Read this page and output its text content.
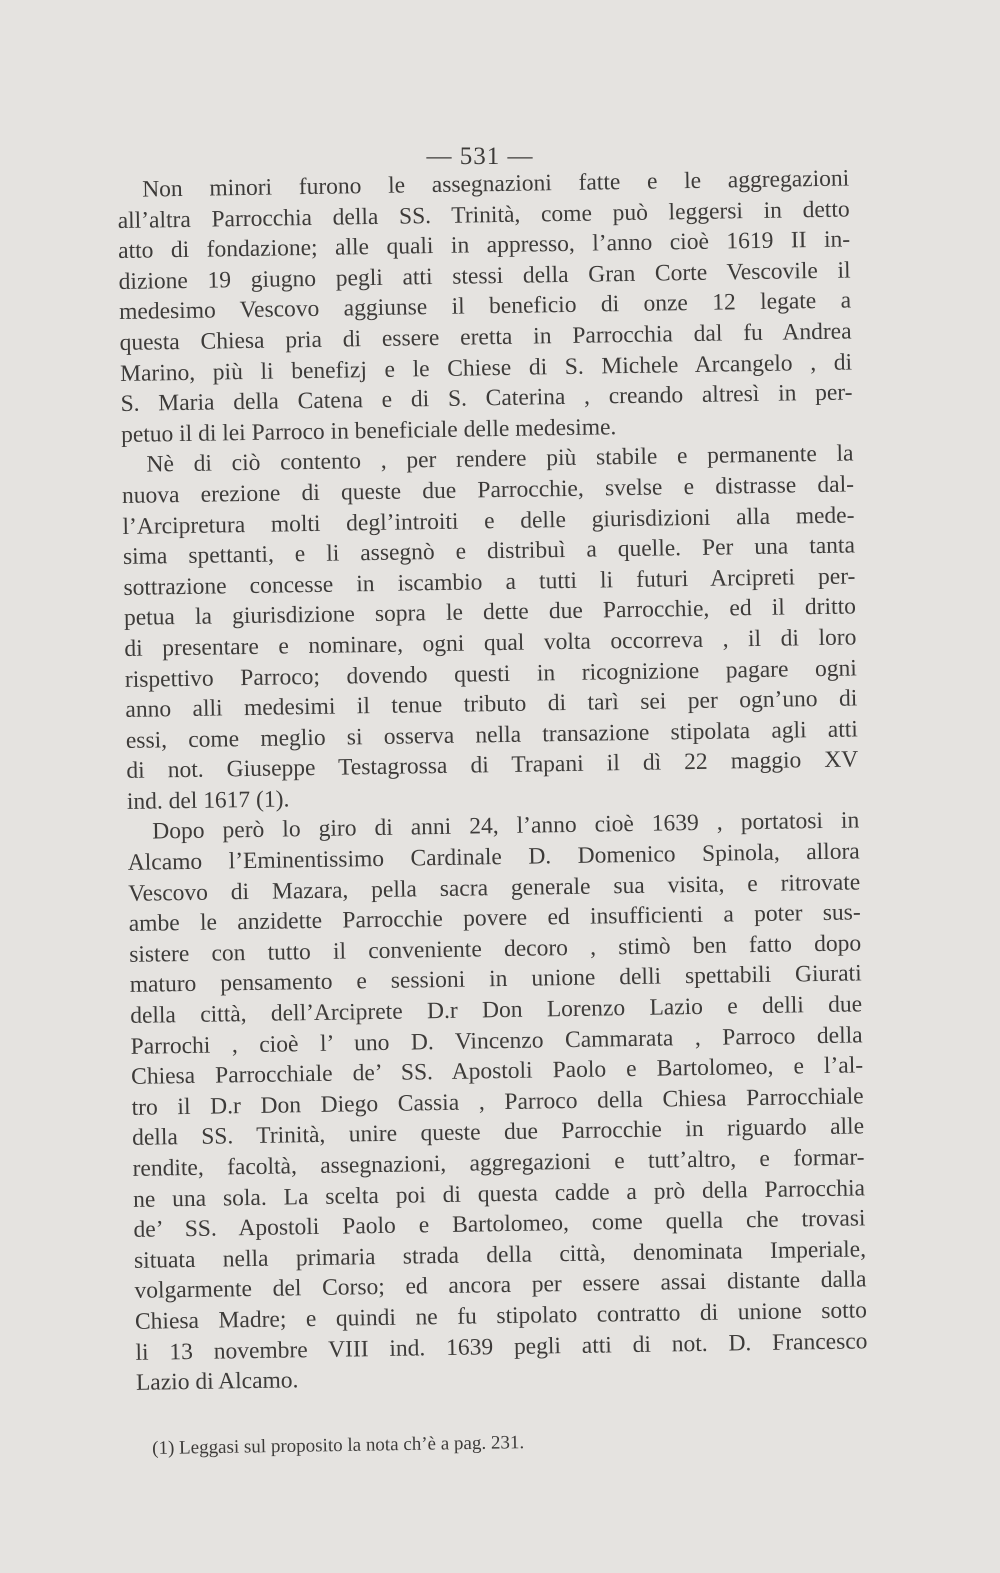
— 531 —
Non minori furono le assegnazioni fatte e le aggregazioni
all’altra Parrocchia della SS. Trinità, come può leggersi in detto
atto di fondazione; alle quali in appresso, l’anno cioè 1619 II in-
dizione 19 giugno pegli atti stessi della Gran Corte Vescovile il
medesimo Vescovo aggiunse il beneficio di onze 12 legate a
questa Chiesa pria di essere eretta in Parrocchia dal fu Andrea
Marino, più li benefizj e le Chiese di S. Michele Arcangelo , di
S. Maria della Catena e di S. Caterina , creando altresì in per-
petuo il di lei Parroco in beneficiale delle medesime.
Nè di ciò contento , per rendere più stabile e permanente la
nuova erezione di queste due Parrocchie, svelse e distrasse dal-
l’Arcipretura molti degl’introiti e delle giurisdizioni alla mede-
sima spettanti, e li assegnò e distribuì a quelle. Per una tanta
sottrazione concesse in iscambio a tutti li futuri Arcipreti per-
petua la giurisdizione sopra le dette due Parrocchie, ed il dritto
di presentare e nominare, ogni qual volta occorreva , il di loro
rispettivo Parroco; dovendo questi in ricognizione pagare ogni
anno alli medesimi il tenue tributo di tarì sei per ogn’uno di
essi, come meglio si osserva nella transazione stipolata agli atti
di not. Giuseppe Testagrossa di Trapani il dì 22 maggio XV
ind. del 1617 (1).
Dopo però lo giro di anni 24, l’anno cioè 1639 , portatosi in
Alcamo l’Eminentissimo Cardinale D. Domenico Spinola, allora
Vescovo di Mazara, pella sacra generale sua visita, e ritrovate
ambe le anzidette Parrocchie povere ed insufficienti a poter sus-
sistere con tutto il conveniente decoro , stimò ben fatto dopo
maturo pensamento e sessioni in unione delli spettabili Giurati
della città, dell’Arciprete D.r Don Lorenzo Lazio e delli due
Parrochi , cioè l’ uno D. Vincenzo Cammarata , Parroco della
Chiesa Parrocchiale de’ SS. Apostoli Paolo e Bartolomeo, e l’al-
tro il D.r Don Diego Cassia , Parroco della Chiesa Parrocchiale
della SS. Trinità, unire queste due Parrocchie in riguardo alle
rendite, facoltà, assegnazioni, aggregazioni e tutt’altro, e formar-
ne una sola. La scelta poi di questa cadde a prò della Parrocchia
de’ SS. Apostoli Paolo e Bartolomeo, come quella che trovasi
situata nella primaria strada della città, denominata Imperiale,
volgarmente del Corso; ed ancora per essere assai distante dalla
Chiesa Madre; e quindi ne fu stipolato contratto di unione sotto
li 13 novembre VIII ind. 1639 pegli atti di not. D. Francesco
Lazio di Alcamo.
(1) Leggasi sul proposito la nota ch’è a pag. 231.
